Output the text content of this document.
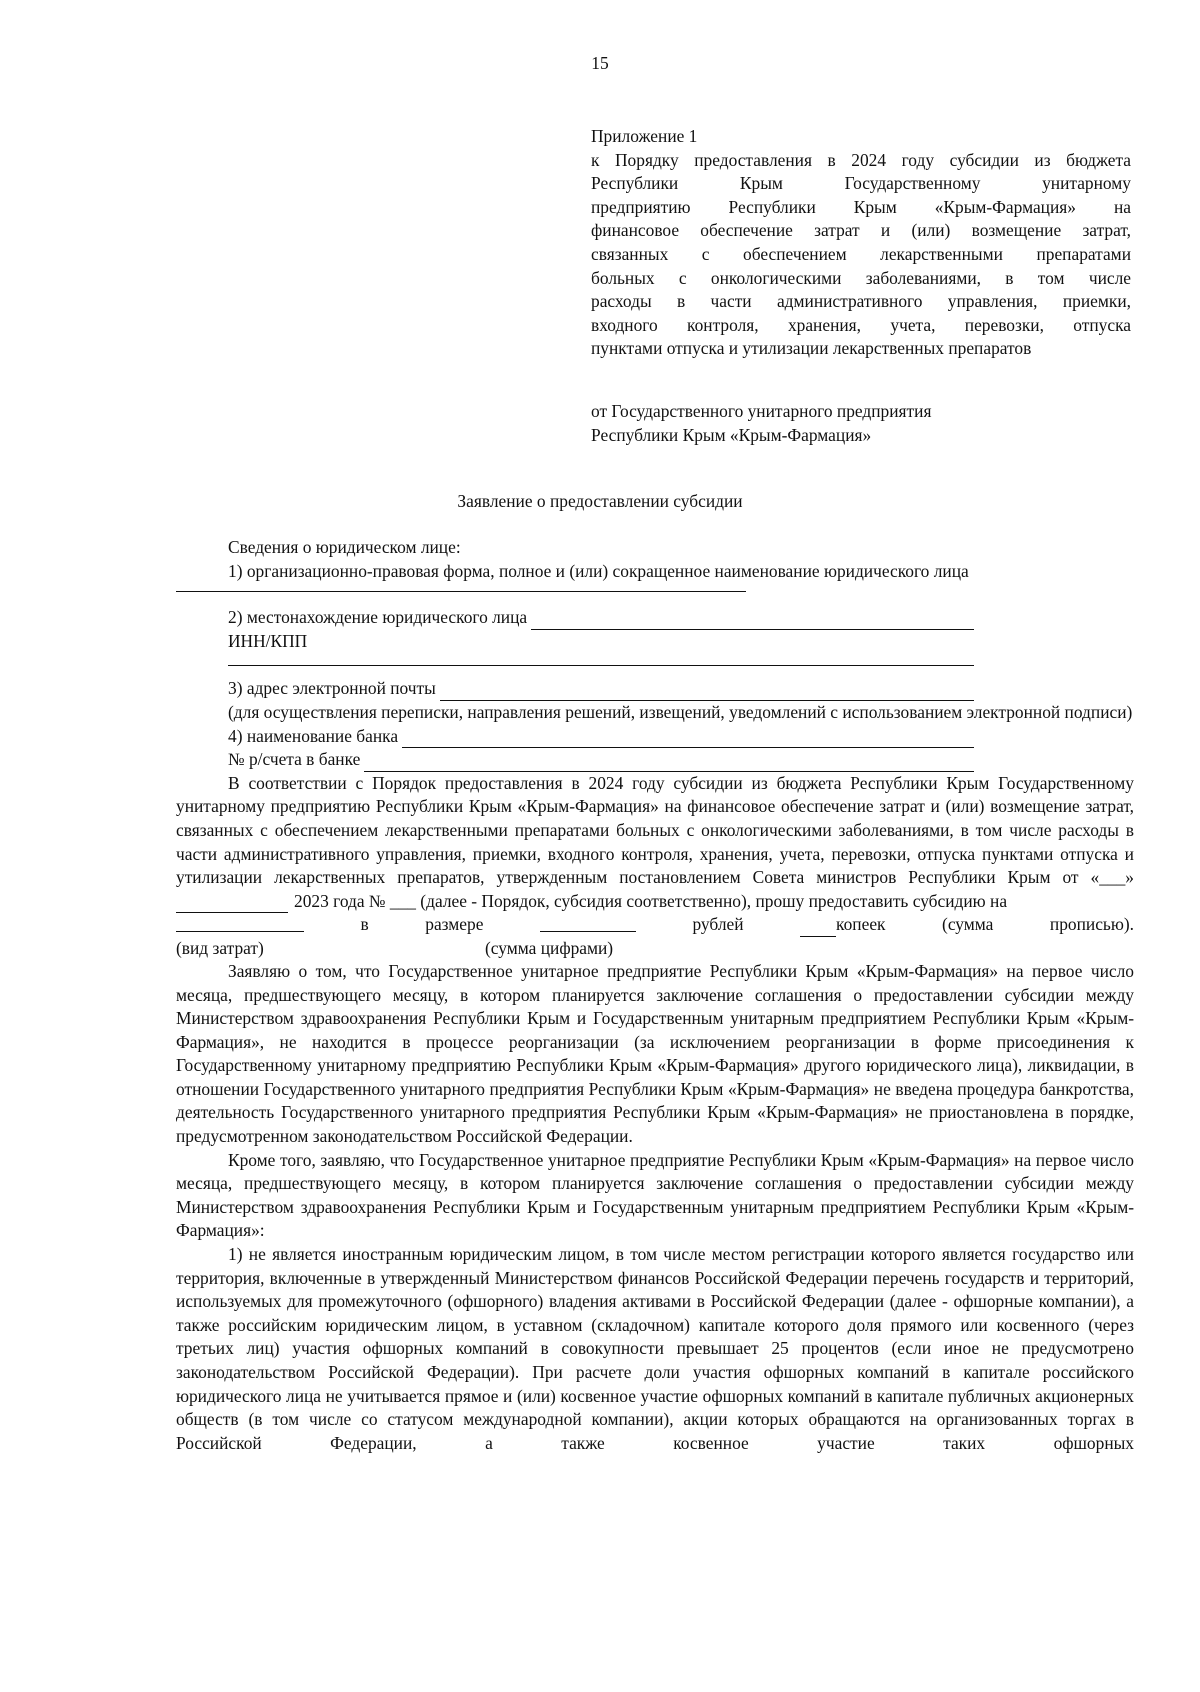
15
Приложение 1
к Порядку предоставления в 2024 году субсидии из бюджета
Республики Крым Государственному унитарному
предприятию Республики Крым «Крым-Фармация» на
финансовое обеспечение затрат и (или) возмещение затрат,
связанных с обеспечением лекарственными препаратами
больных с онкологическими заболеваниями, в том числе
расходы в части административного управления, приемки,
входного контроля, хранения, учета, перевозки, отпуска
пунктами отпуска и утилизации лекарственных препаратов
от Государственного унитарного предприятия
Республики Крым «Крым-Фармация»
Заявление о предоставлении субсидии
Сведения о юридическом лице:
1) организационно-правовая форма, полное и (или) сокращенное наименование юридического лица
2) местонахождение юридического лица
ИНН/КПП
3) адрес электронной почты
(для осуществления переписки, направления решений, извещений, уведомлений с использованием электронной подписи)
4) наименование банка
№ р/счета в банке
В соответствии с Порядок предоставления в 2024 году субсидии из бюджета Республики Крым Государственному унитарному предприятию Республики Крым «Крым-Фармация» на финансовое обеспечение затрат и (или) возмещение затрат, связанных с обеспечением лекарственными препаратами больных с онкологическими заболеваниями, в том числе расходы в части административного управления, приемки, входного контроля, хранения, учета, перевозки, отпуска пунктами отпуска и утилизации лекарственных препаратов, утвержденным постановлением Совета министров Республики Крым от «___»
2023 года № ___ (далее - Порядок, субсидия соответственно), прошу предоставить субсидию на
в	размере	рублей	копеек	(сумма	прописью).
(вид затрат)	(сумма цифрами)
Заявляю о том, что Государственное унитарное предприятие Республики Крым «Крым-Фармация» на первое число месяца, предшествующего месяцу, в котором планируется заключение соглашения о предоставлении субсидии между Министерством здравоохранения Республики Крым и Государственным унитарным предприятием Республики Крым «Крым-Фармация», не находится в процессе реорганизации (за исключением реорганизации в форме присоединения к Государственному унитарному предприятию Республики Крым «Крым-Фармация» другого юридического лица), ликвидации, в отношении Государственного унитарного предприятия Республики Крым «Крым-Фармация» не введена процедура банкротства, деятельность Государственного унитарного предприятия Республики Крым «Крым-Фармация» не приостановлена в порядке, предусмотренном законодательством Российской Федерации.
Кроме того, заявляю, что Государственное унитарное предприятие Республики Крым «Крым-Фармация» на первое число месяца, предшествующего месяцу, в котором планируется заключение соглашения о предоставлении субсидии между Министерством здравоохранения Республики Крым и Государственным унитарным предприятием Республики Крым «Крым-Фармация»:
1) не является иностранным юридическим лицом, в том числе местом регистрации которого является государство или территория, включенные в утвержденный Министерством финансов Российской Федерации перечень государств и территорий, используемых для промежуточного (офшорного) владения активами в Российской Федерации (далее - офшорные компании), а также российским юридическим лицом, в уставном (складочном) капитале которого доля прямого или косвенного (через третьих лиц) участия офшорных компаний в совокупности превышает 25 процентов (если иное не предусмотрено законодательством Российской Федерации). При расчете доли участия офшорных компаний в капитале российского юридического лица не учитывается прямое и (или) косвенное участие офшорных компаний в капитале публичных акционерных обществ (в том числе со статусом международной компании), акции которых обращаются на организованных торгах в Российской Федерации, а также косвенное участие таких офшорных
